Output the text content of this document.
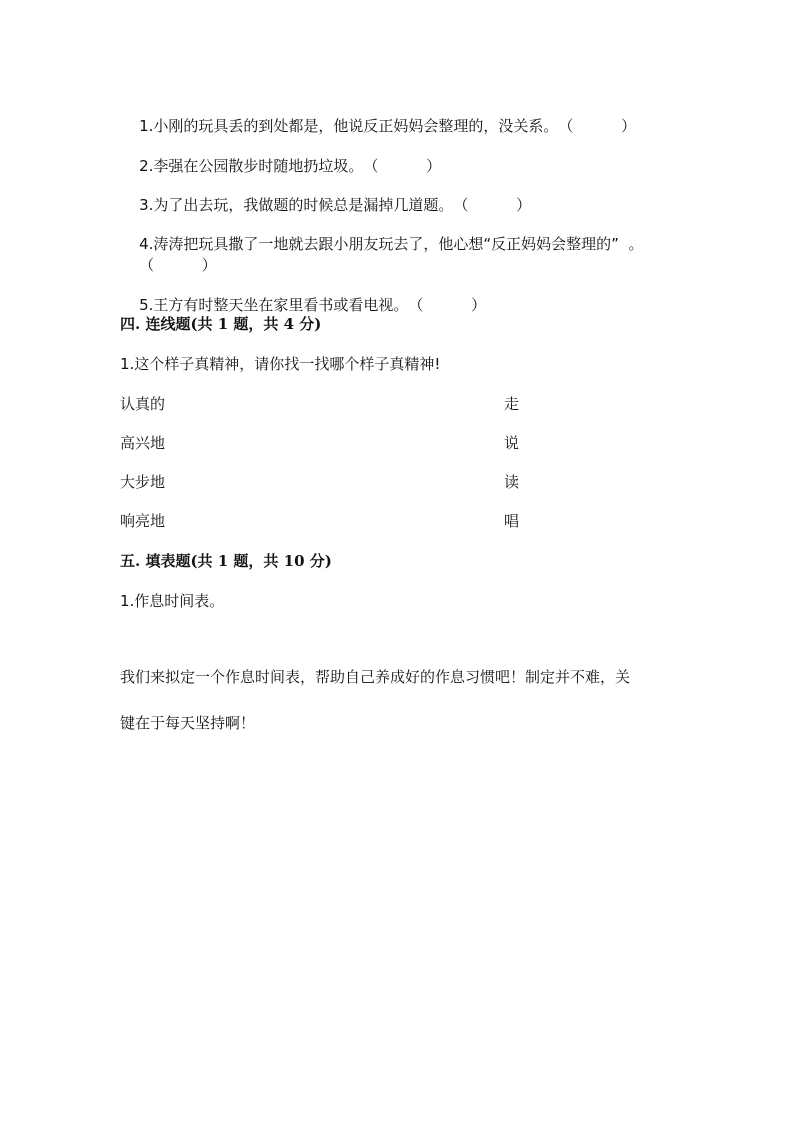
1.小刚的玩具丢的到处都是，他说反正妈妈会整理的，没关系。（          ）

2.李强在公园散步时随地扔垃圾。（          ）

3.为了出去玩，我做题的时候总是漏掉几道题。（          ）

4.涛涛把玩具撒了一地就去跟小朋友玩去了，他心想“反正妈妈会整理的”  。

（          ）

5.王方有时整天坐在家里看书或看电视。（          ）

四. 连线题(共 1 题，共 4 分)
1.这个样子真精神，请你找一找哪个样子真精神!
认真的	走
高兴地	说
大步地	读
响亮地	唱
五. 填表题(共 1 题，共 10 分)
1.作息时间表。
我们来拟定一个作息时间表，帮助自己养成好的作息习惯吧！制定并不难，关
键在于每天坚持啊！
